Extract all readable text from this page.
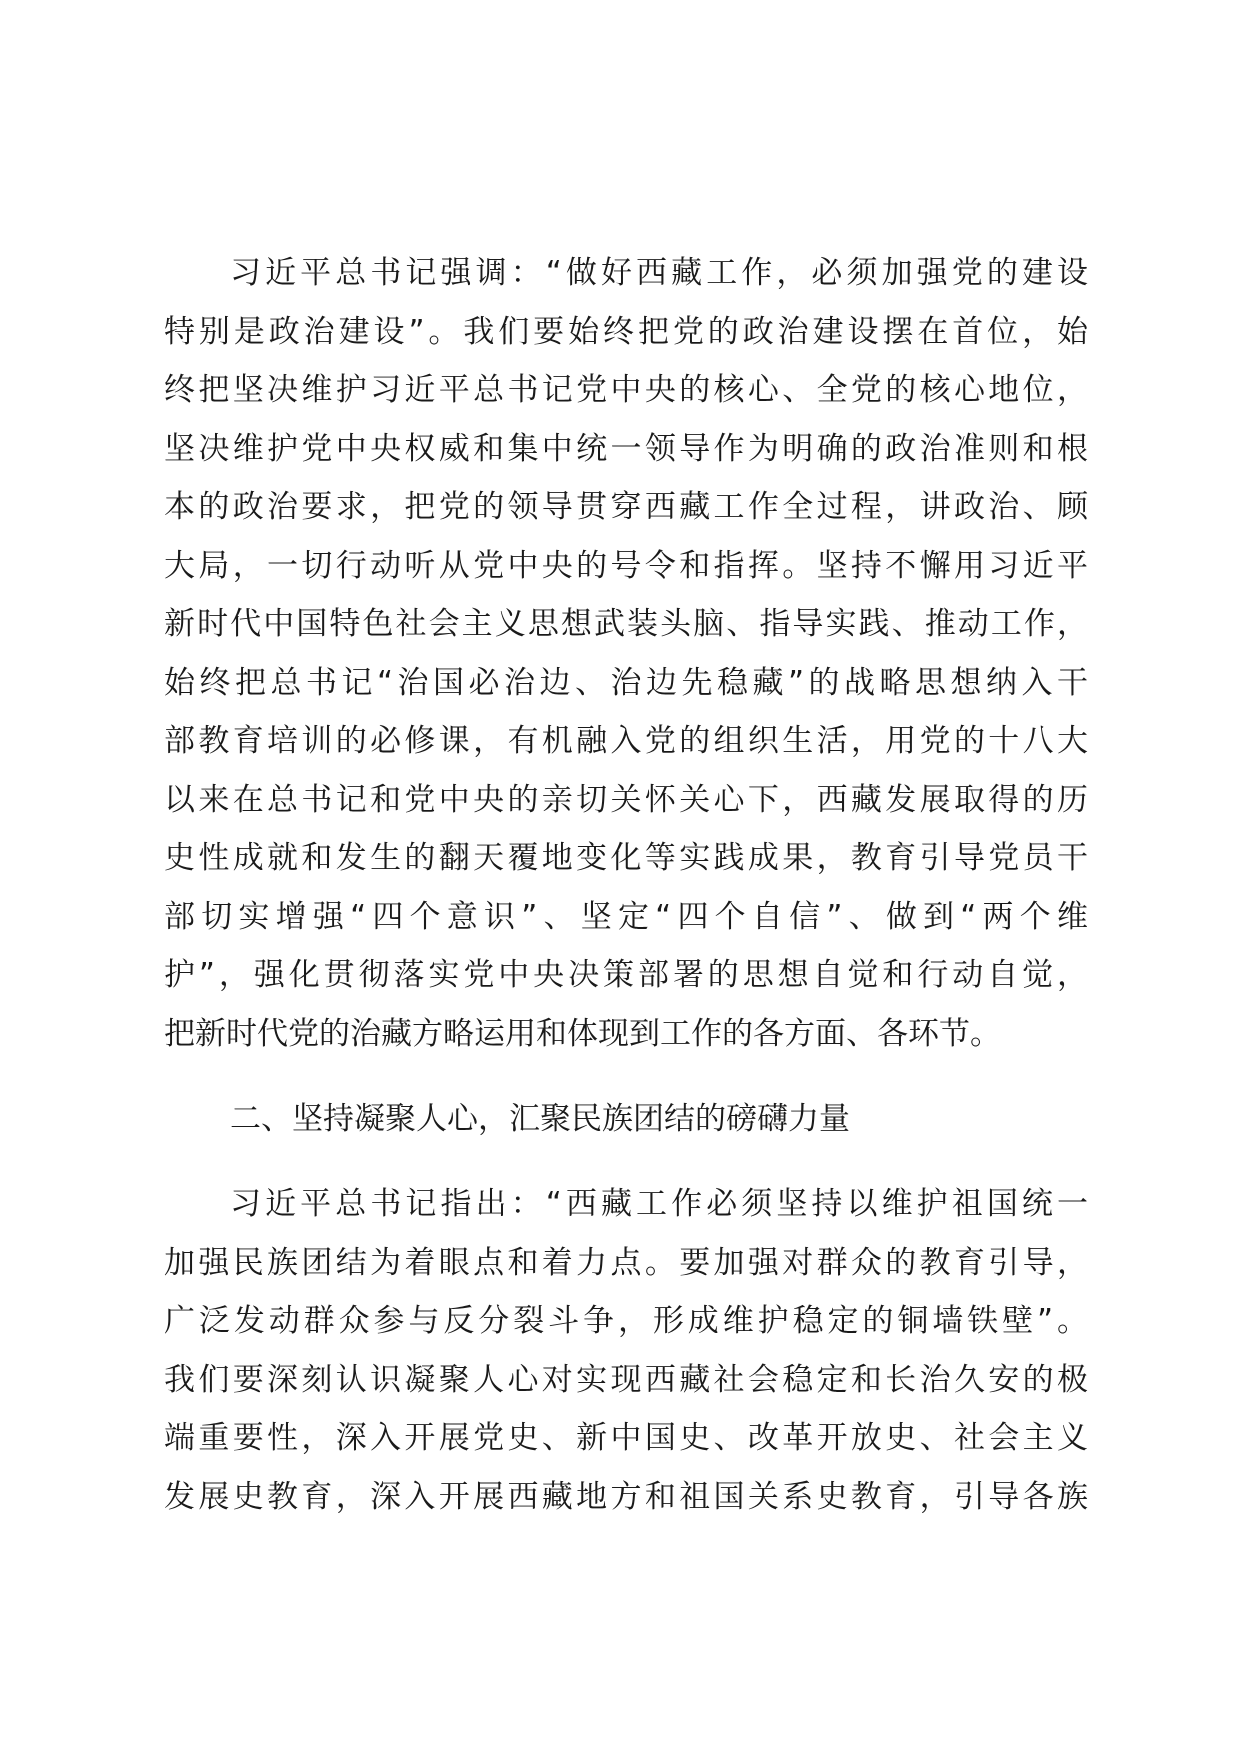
习近平总书记强调：“做好西藏工作，必须加强党的建设
特别是政治建设”。我们要始终把党的政治建设摆在首位，始
终把坚决维护习近平总书记党中央的核心、全党的核心地位，
坚决维护党中央权威和集中统一领导作为明确的政治准则和根
本的政治要求，把党的领导贯穿西藏工作全过程，讲政治、顾
大局，一切行动听从党中央的号令和指挥。坚持不懈用习近平
新时代中国特色社会主义思想武装头脑、指导实践、推动工作，
始终把总书记“治国必治边、治边先稳藏”的战略思想纳入干
部教育培训的必修课，有机融入党的组织生活，用党的十八大
以来在总书记和党中央的亲切关怀关心下，西藏发展取得的历
史性成就和发生的翻天覆地变化等实践成果，教育引导党员干
部切实增强“四个意识”、坚定“四个自信”、做到“两个维
护”，强化贯彻落实党中央决策部署的思想自觉和行动自觉，
把新时代党的治藏方略运用和体现到工作的各方面、各环节。
二、坚持凝聚人心，汇聚民族团结的磅礴力量
习近平总书记指出：“西藏工作必须坚持以维护祖国统一
加强民族团结为着眼点和着力点。要加强对群众的教育引导，
广泛发动群众参与反分裂斗争，形成维护稳定的铜墙铁壁”。
我们要深刻认识凝聚人心对实现西藏社会稳定和长治久安的极
端重要性，深入开展党史、新中国史、改革开放史、社会主义
发展史教育，深入开展西藏地方和祖国关系史教育，引导各族
